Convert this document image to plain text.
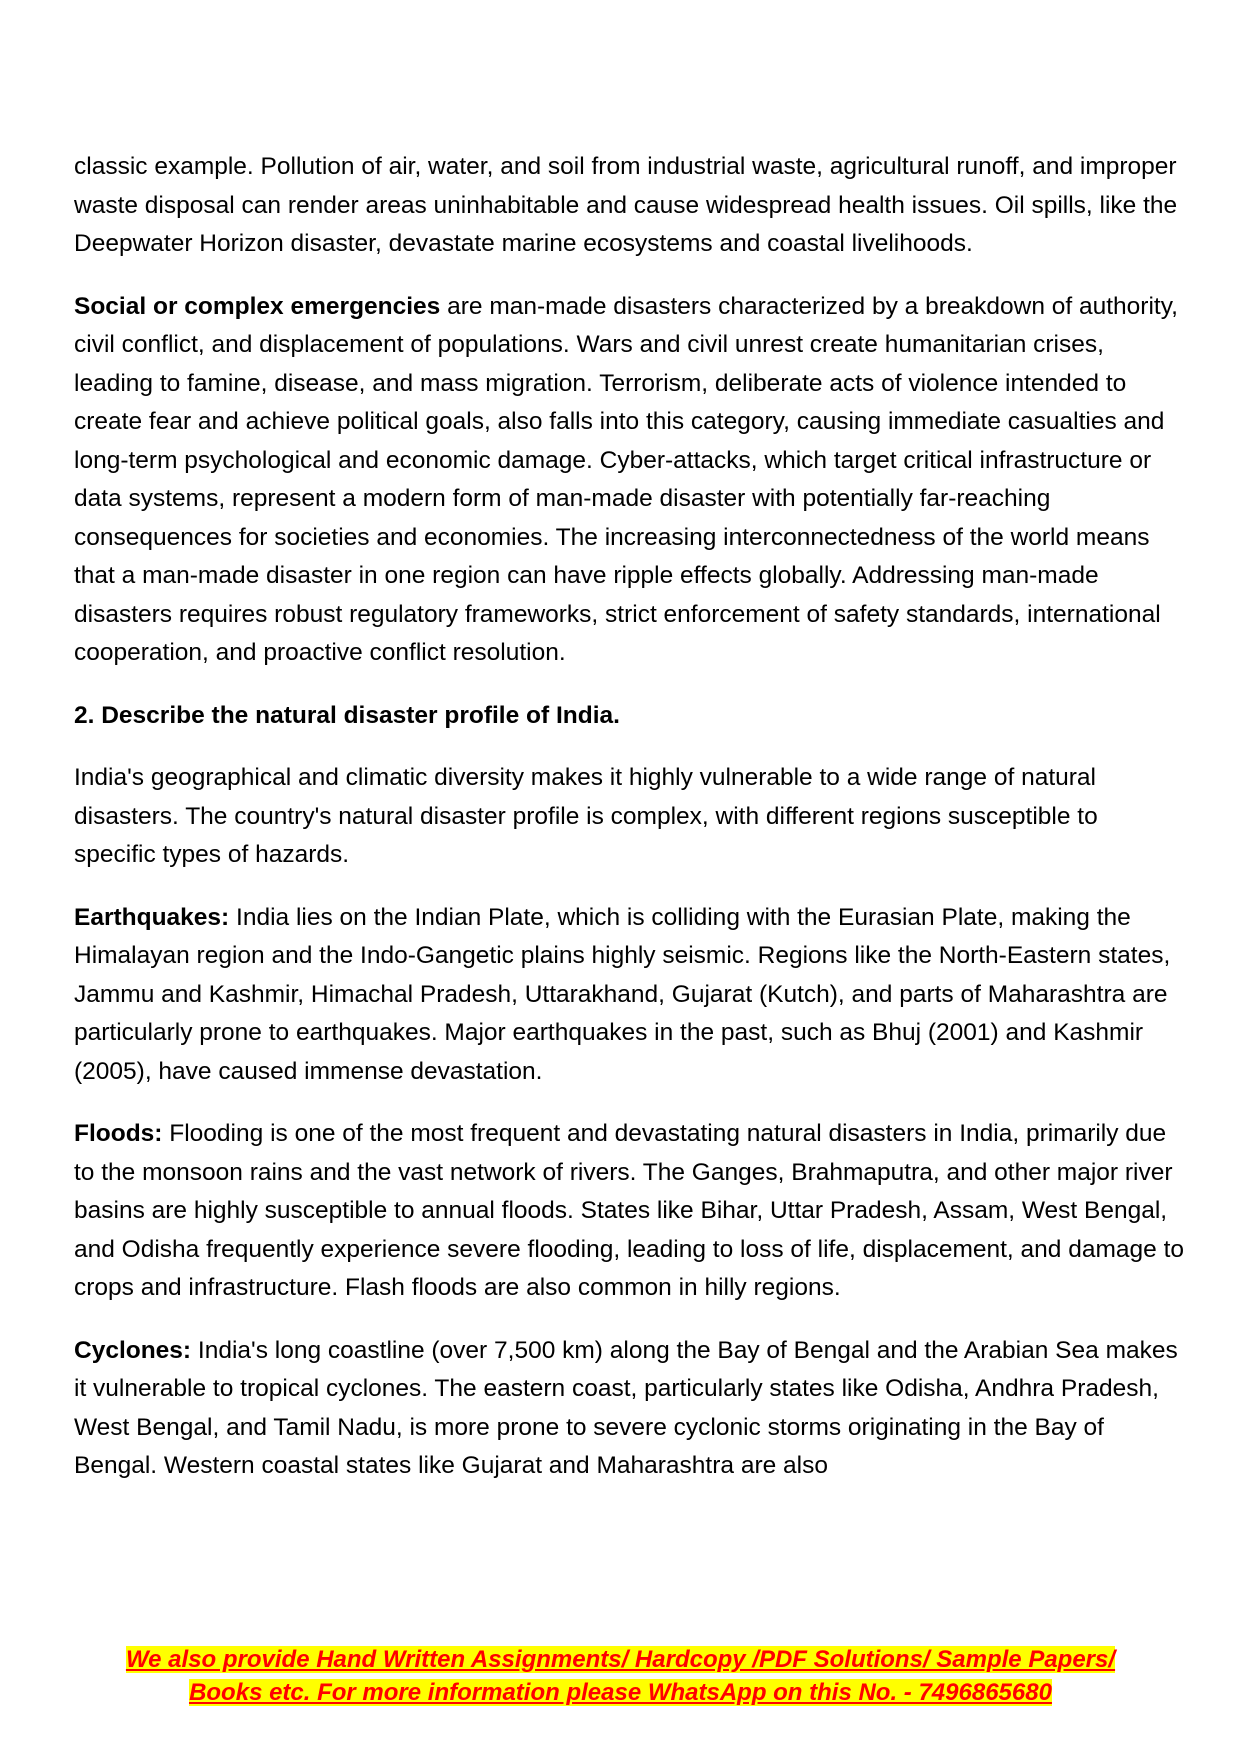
classic example. Pollution of air, water, and soil from industrial waste, agricultural runoff, and improper waste disposal can render areas uninhabitable and cause widespread health issues. Oil spills, like the Deepwater Horizon disaster, devastate marine ecosystems and coastal livelihoods.

Social or complex emergencies are man-made disasters characterized by a breakdown of authority, civil conflict, and displacement of populations. Wars and civil unrest create humanitarian crises, leading to famine, disease, and mass migration. Terrorism, deliberate acts of violence intended to create fear and achieve political goals, also falls into this category, causing immediate casualties and long-term psychological and economic damage. Cyber-attacks, which target critical infrastructure or data systems, represent a modern form of man-made disaster with potentially far-reaching consequences for societies and economies. The increasing interconnectedness of the world means that a man-made disaster in one region can have ripple effects globally. Addressing man-made disasters requires robust regulatory frameworks, strict enforcement of safety standards, international cooperation, and proactive conflict resolution.

2. Describe the natural disaster profile of India.

India's geographical and climatic diversity makes it highly vulnerable to a wide range of natural disasters. The country's natural disaster profile is complex, with different regions susceptible to specific types of hazards.

Earthquakes: India lies on the Indian Plate, which is colliding with the Eurasian Plate, making the Himalayan region and the Indo-Gangetic plains highly seismic. Regions like the North-Eastern states, Jammu and Kashmir, Himachal Pradesh, Uttarakhand, Gujarat (Kutch), and parts of Maharashtra are particularly prone to earthquakes. Major earthquakes in the past, such as Bhuj (2001) and Kashmir (2005), have caused immense devastation.

Floods: Flooding is one of the most frequent and devastating natural disasters in India, primarily due to the monsoon rains and the vast network of rivers. The Ganges, Brahmaputra, and other major river basins are highly susceptible to annual floods. States like Bihar, Uttar Pradesh, Assam, West Bengal, and Odisha frequently experience severe flooding, leading to loss of life, displacement, and damage to crops and infrastructure. Flash floods are also common in hilly regions.

Cyclones: India's long coastline (over 7,500 km) along the Bay of Bengal and the Arabian Sea makes it vulnerable to tropical cyclones. The eastern coast, particularly states like Odisha, Andhra Pradesh, West Bengal, and Tamil Nadu, is more prone to severe cyclonic storms originating in the Bay of Bengal. Western coastal states like Gujarat and Maharashtra are also

We also provide Hand Written Assignments/ Hardcopy /PDF Solutions/ Sample Papers/
Books etc. For more information please WhatsApp on this No. - 7496865680
